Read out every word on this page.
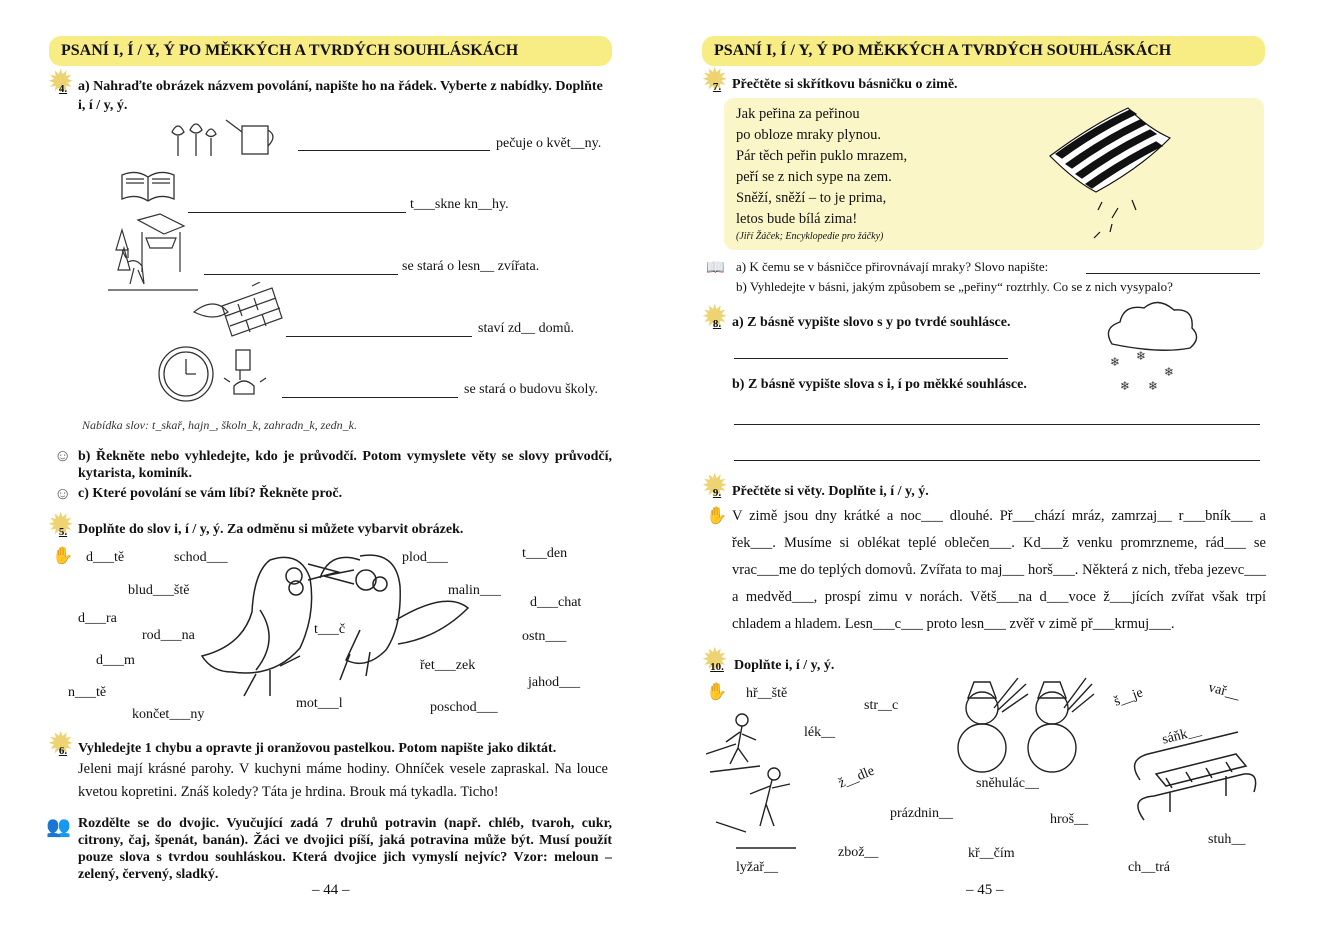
PSANÍ I, Í / Y, Ý PO MĚKKÝCH A TVRDÝCH SOUHLÁSKÁCH
✹ 4. a) Nahraďte obrázek názvem povolání, napište ho na řádek. Vyberte z nabídky. Doplňte i, í / y, ý.
pečuje o květ__ny.
t___skne kn__hy.
se stará o lesn__ zvířata.
staví zd__ domů.
se stará o budovu školy.
Nabídka slov: t_skař, hajn_, školn_k, zahradn_k, zedn_k.
☺ b) Řekněte nebo vyhledejte, kdo je průvodčí. Potom vymyslete věty se slovy průvodčí, kytarista, kominík.
☺ c) Které povolání se vám líbí? Řekněte proč.
✹ 5. Doplňte do slov i, í / y, ý. Za odměnu si můžete vybarvit obrázek.
✋ d___tě	schod___	plod___	t___den
blud___ště	malin___
d___chat
d___ra
rod___na	t___č	ostn___
d___m	řet___zek
jahod___
n___tě
mot___l
končet___ny	poschod___
✹ 6. Vyhledejte 1 chybu a opravte ji oranžovou pastelkou. Potom napište jako diktát.
Jeleni mají krásné parohy. V kuchyni máme hodiny. Ohníček vesele zapraskal. Na louce kvetou kopretini. Znáš koledy? Táta je hrdina. Brouk má tykadla. Ticho!
👥 Rozdělte se do dvojic. Vyučující zadá 7 druhů potravin (např. chléb, tvaroh, cukr, citrony, čaj, špenát, banán). Žáci ve dvojici píší, jaká potravina může být. Musí použít pouze slova s tvrdou souhláskou. Která dvojice jich vymyslí nejvíc? Vzor: meloun – zelený, červený, sladký.
– 44 –
PSANÍ I, Í / Y, Ý PO MĚKKÝCH A TVRDÝCH SOUHLÁSKÁCH
✹ 7. Přečtěte si skřítkovu básničku o zimě.
Jak peřina za peřinou
po obloze mraky plynou.
Pár těch peřin puklo mrazem,
peří se z nich sype na zem.
Sněží, sněží – to je prima,
letos bude bílá zima!
(Jiří Žáček; Encyklopedie pro žáčky)
📖 a) K čemu se v básničce přirovnávají mraky? Slovo napište:
b) Vyhledejte v básni, jakým způsobem se „peřiny“ roztrhly. Co se z nich vysypalo?
✹ 8. a) Z básně vypište slovo s y po tvrdé souhlásce.
b) Z básně vypište slova s i, í po měkké souhlásce.
❄ ❄
❄
❄ ❄
✹ 9. Přečtěte si věty. Doplňte i, í / y, ý.
✋ V zimě jsou dny krátké a noc___ dlouhé. Př___chází mráz, zamrzaj__ r___bník___ a řek___. Musíme si oblékat teplé oblečen___. Kd___ž venku promrzneme, rád___ se vrac___me do teplých domovů. Zvířata to maj___ horš___. Některá z nich, třeba jezevc___ a medvěd___, prospí zimu v norách. Větš___na d___voce ž___jících zvířat však trpí chladem a hladem. Lesn___c___ proto lesn___ zvěř v zimě př___krmuj___.
✹ 10. Doplňte i, í / y, ý.
✋ hř__ště
str__c
lék__
ž__dle	sněhulác__
š__je	vař__
sáňk__
prázdnin__	hroš__
zbož__	kř__čím
lyžař__	ch__trá
stuh__
– 45 –
